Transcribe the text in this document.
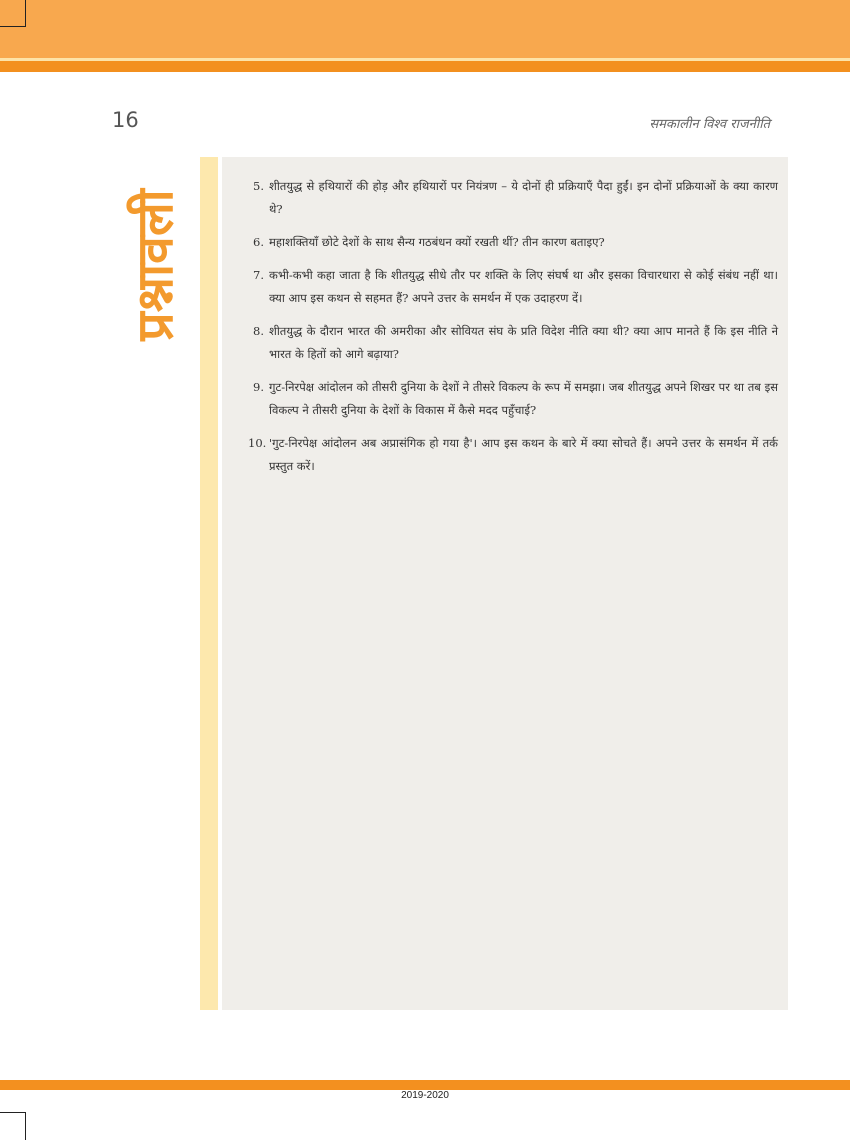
16	समकालीन विश्व राजनीति
प्रश्नावली
5. शीतयुद्ध से हथियारों की होड़ और हथियारों पर नियंत्रण – ये दोनों ही प्रक्रियाएँ पैदा हुईं। इन दोनों प्रक्रियाओं के क्या कारण थे?
6. महाशक्तियाँ छोटे देशों के साथ सैन्य गठबंधन क्यों रखती थीं? तीन कारण बताइए?
7. कभी-कभी कहा जाता है कि शीतयुद्ध सीधे तौर पर शक्ति के लिए संघर्ष था और इसका विचारधारा से कोई संबंध नहीं था। क्या आप इस कथन से सहमत हैं? अपने उत्तर के समर्थन में एक उदाहरण दें।
8. शीतयुद्ध के दौरान भारत की अमरीका और सोवियत संघ के प्रति विदेश नीति क्या थी? क्या आप मानते हैं कि इस नीति ने भारत के हितों को आगे बढ़ाया?
9. गुट-निरपेक्ष आंदोलन को तीसरी दुनिया के देशों ने तीसरे विकल्प के रूप में समझा। जब शीतयुद्ध अपने शिखर पर था तब इस विकल्प ने तीसरी दुनिया के देशों के विकास में कैसे मदद पहुँचाई?
10. 'गुट-निरपेक्ष आंदोलन अब अप्रासंगिक हो गया है'। आप इस कथन के बारे में क्या सोचते हैं। अपने उत्तर के समर्थन में तर्क प्रस्तुत करें।
2019-2020
